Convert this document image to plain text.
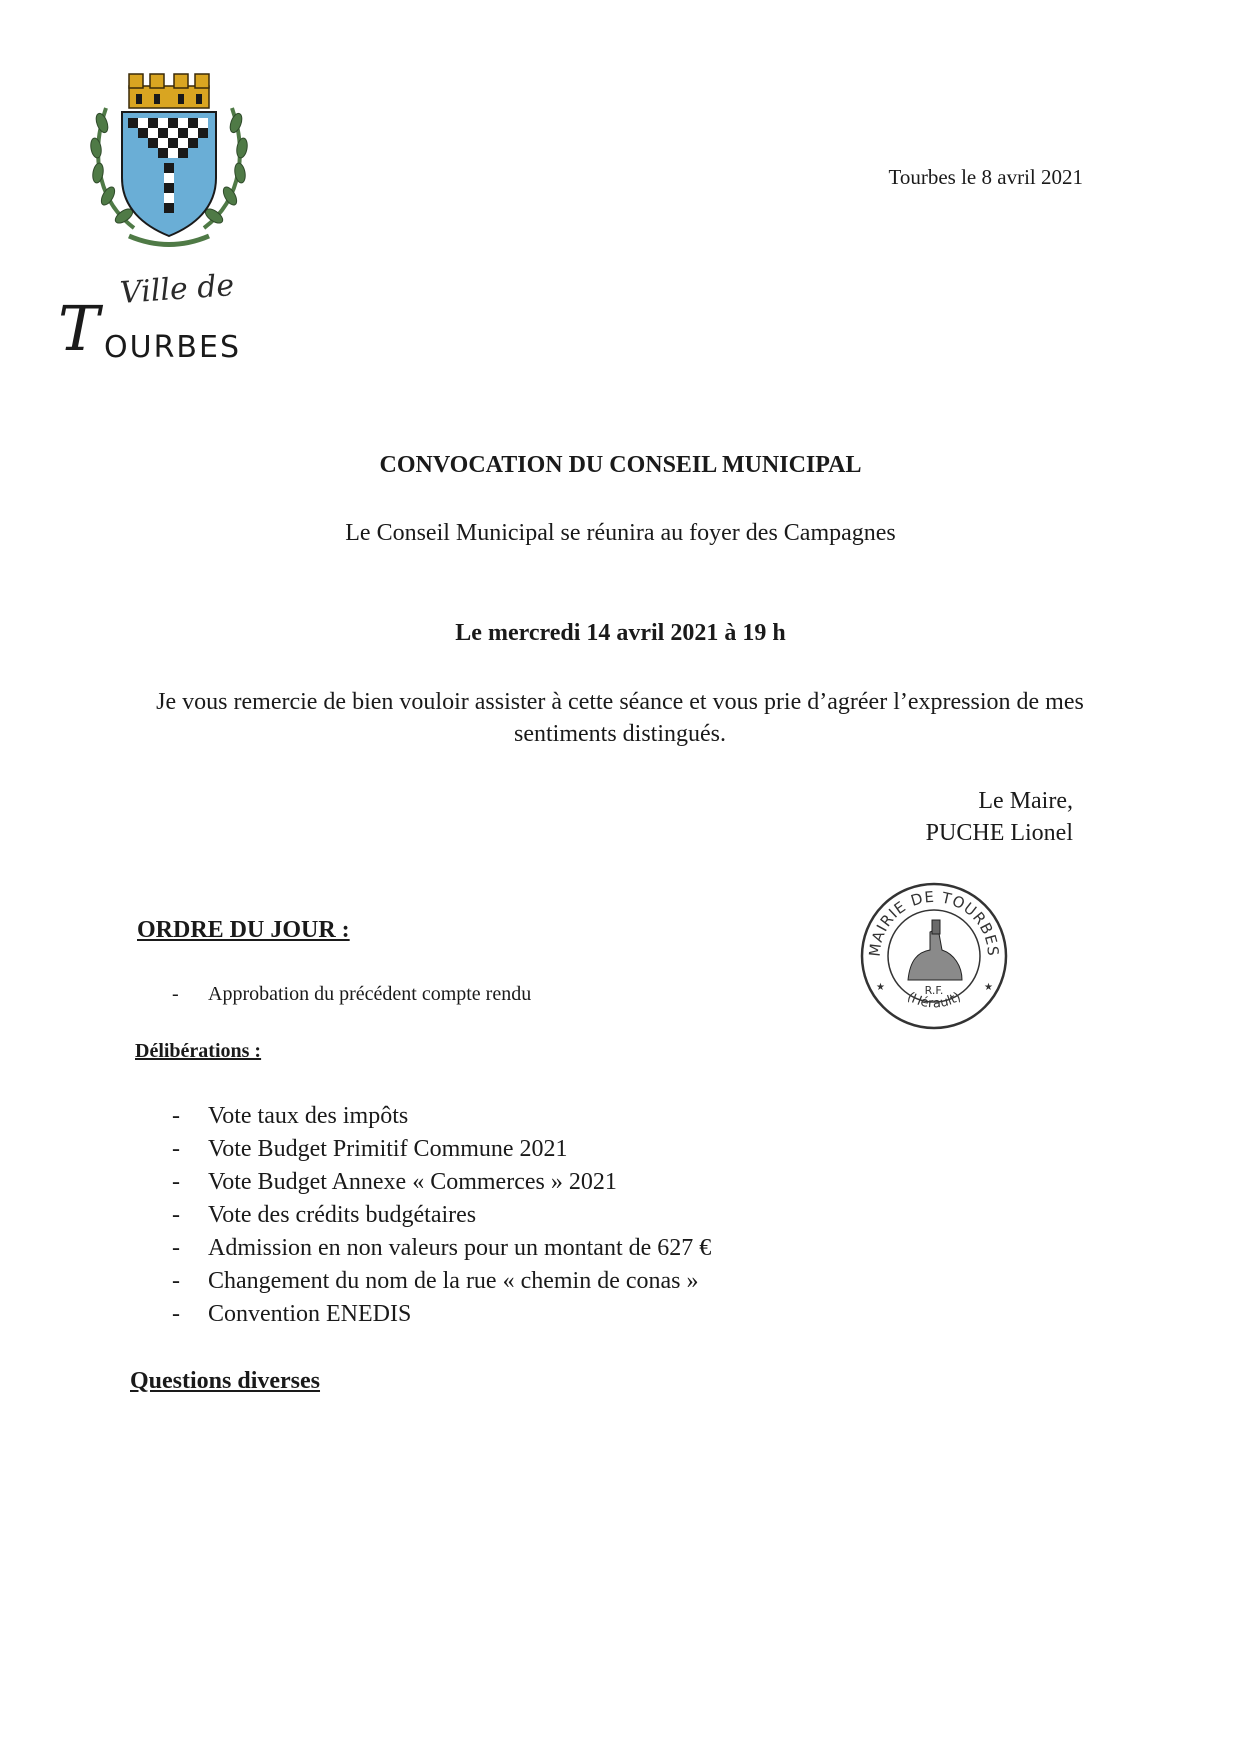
Ville de
T OURBES
Tourbes le 8 avril 2021
CONVOCATION DU CONSEIL MUNICIPAL
Le Conseil Municipal se réunira au foyer des Campagnes
Le mercredi 14 avril 2021 à 19 h
Je vous remercie de bien vouloir assister à cette séance et vous prie d’agréer l’expression de mes sentiments distingués.
Le Maire,
PUCHE Lionel
MAIRIE DE TOURBES
(Hérault)
R.F.
★	★
ORDRE DU JOUR :
- Approbation du précédent compte rendu
Délibérations :
- Vote taux des impôts
- Vote Budget Primitif Commune 2021
- Vote Budget Annexe « Commerces » 2021
- Vote des crédits budgétaires
- Admission en non valeurs pour un montant de 627 €
- Changement du nom de la rue « chemin de conas »
- Convention ENEDIS
Questions diverses
